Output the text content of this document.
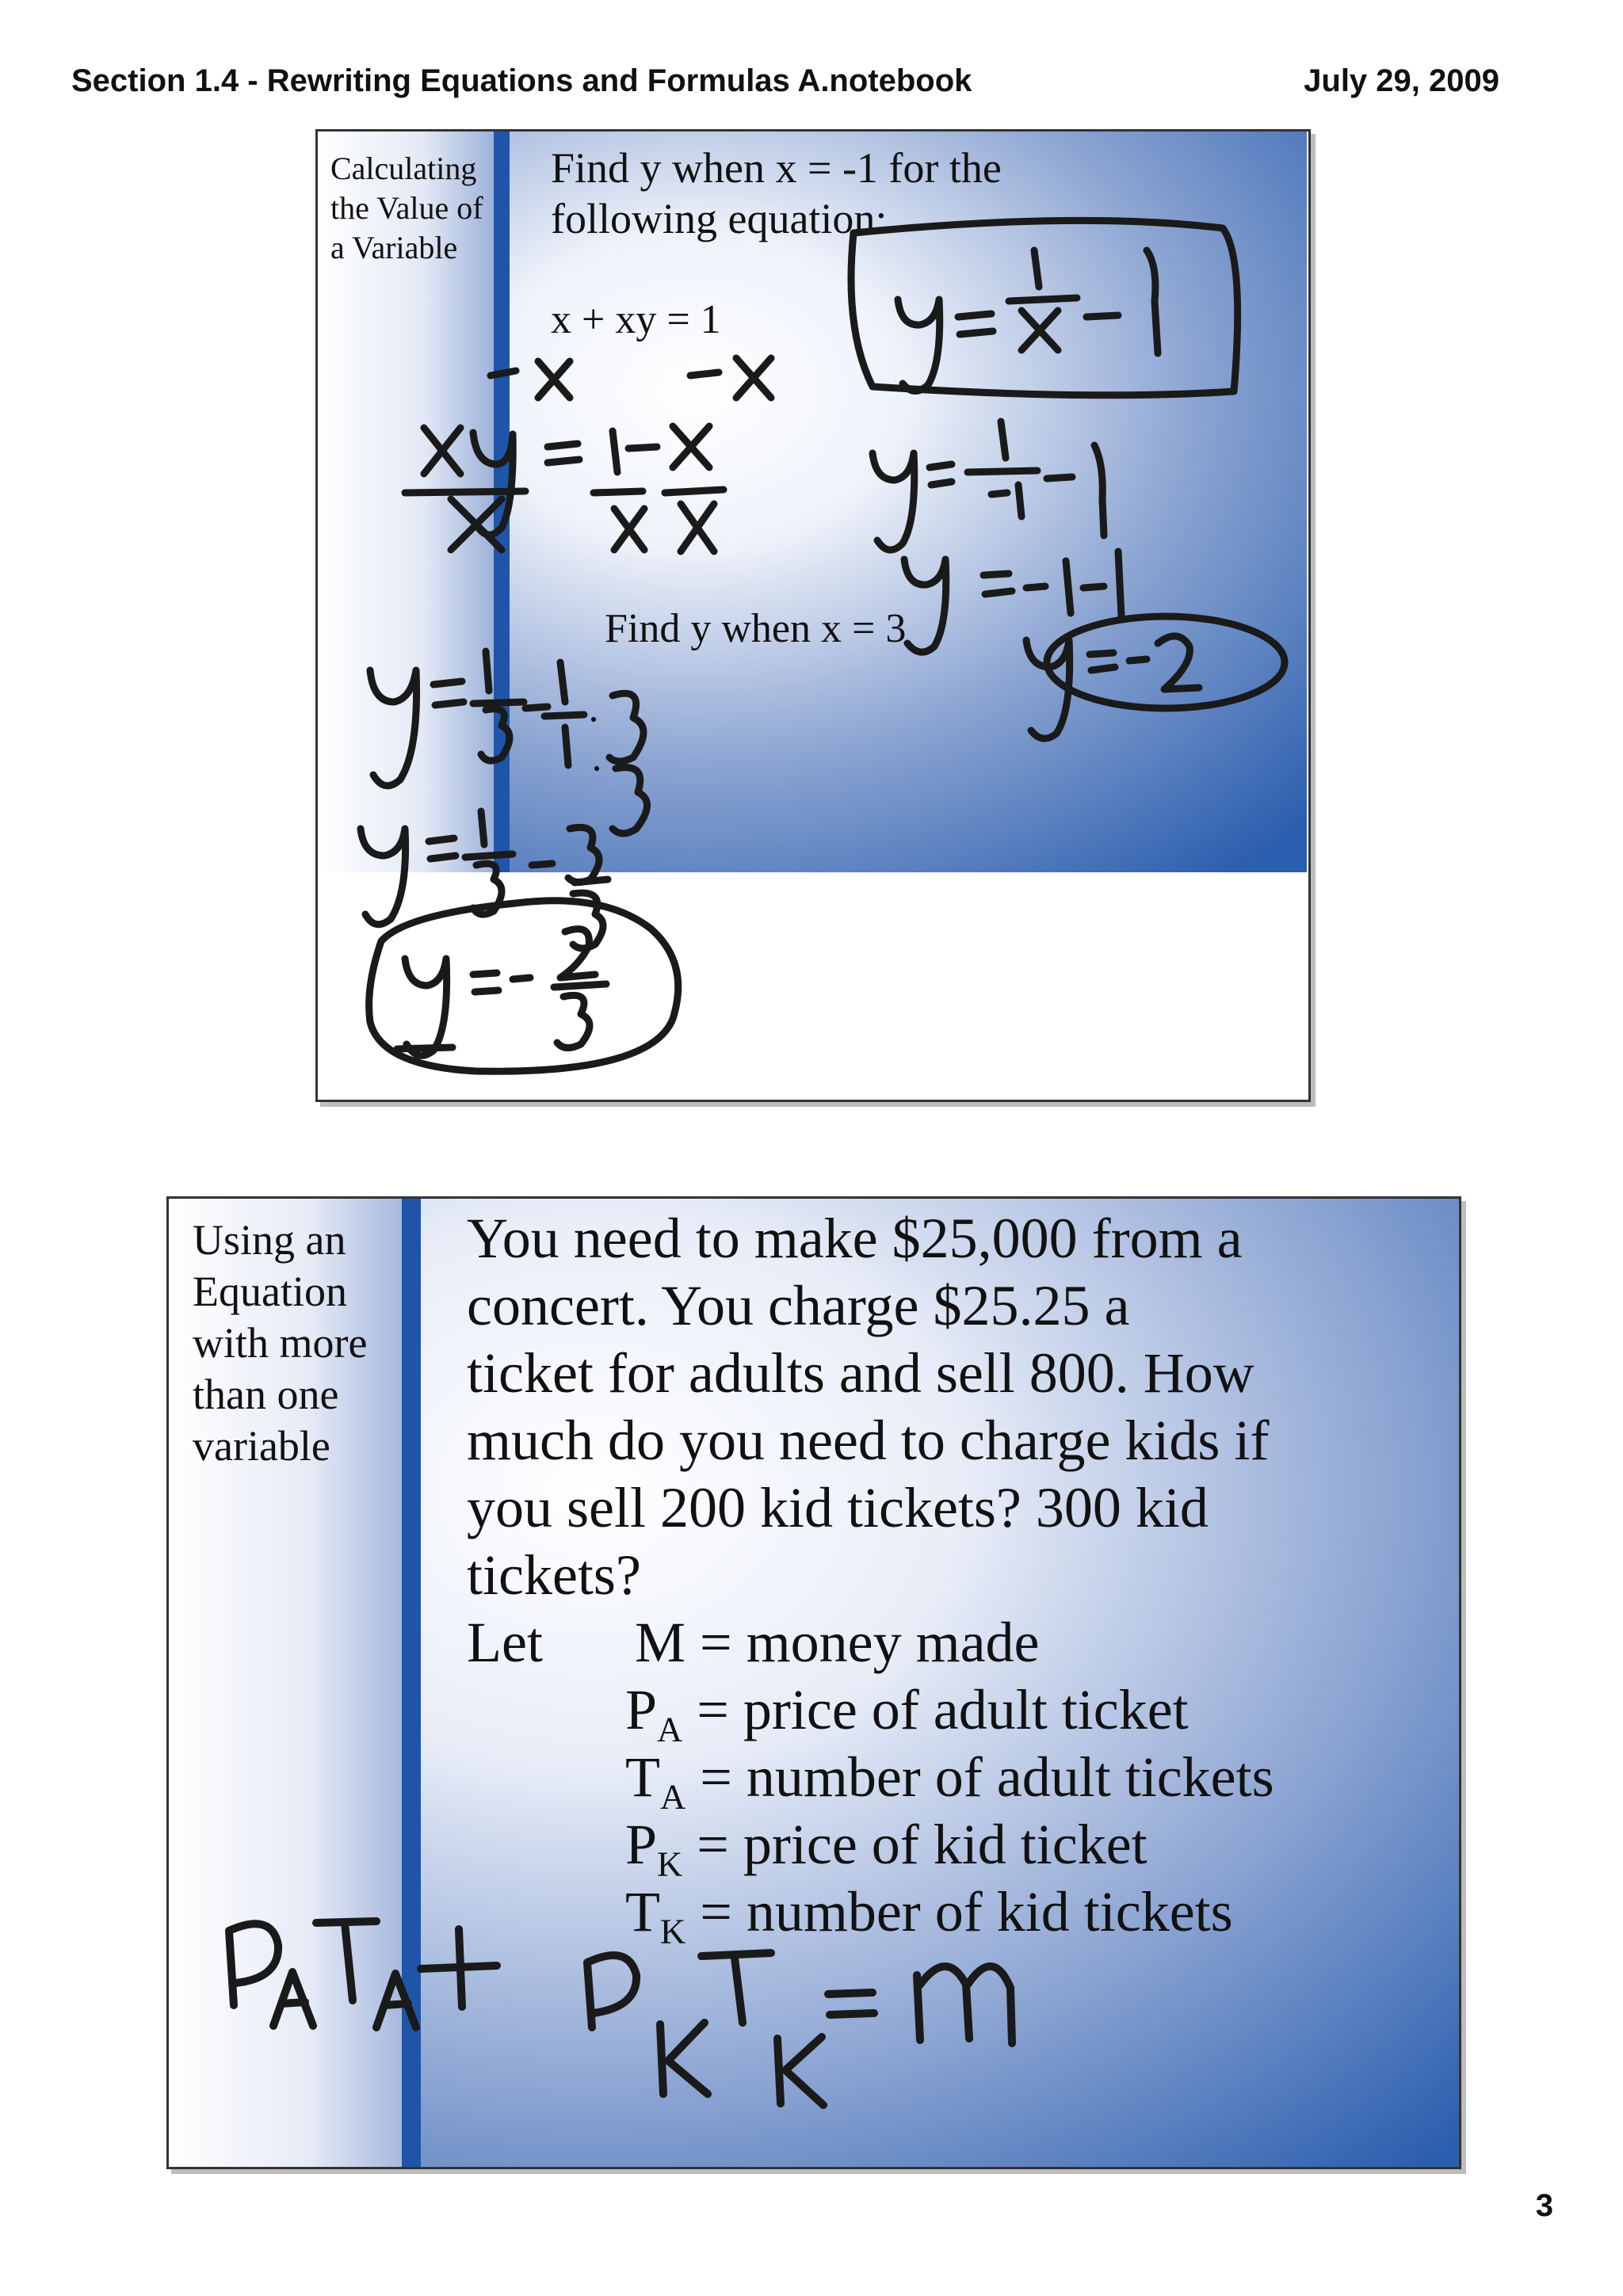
Section 1.4 - Rewriting Equations and Formulas A.notebook	July 29, 2009
Calculating
the Value of
a Variable
Find y when x = -1 for the
following equation:
x + xy = 1
Find y when x = 3
Using an
Equation
with more
than one
variable
You need to make $25,000 from a
concert. You charge $25.25 a
ticket for adults and sell 800. How
much do you need to charge kids if
you sell 200 kid tickets? 300 kid
tickets?
Let M = money made
$P_A$ = price of adult ticket
$T_A$ = number of adult tickets
$P_K$ = price of kid ticket
$T_K$ = number of kid tickets
3
